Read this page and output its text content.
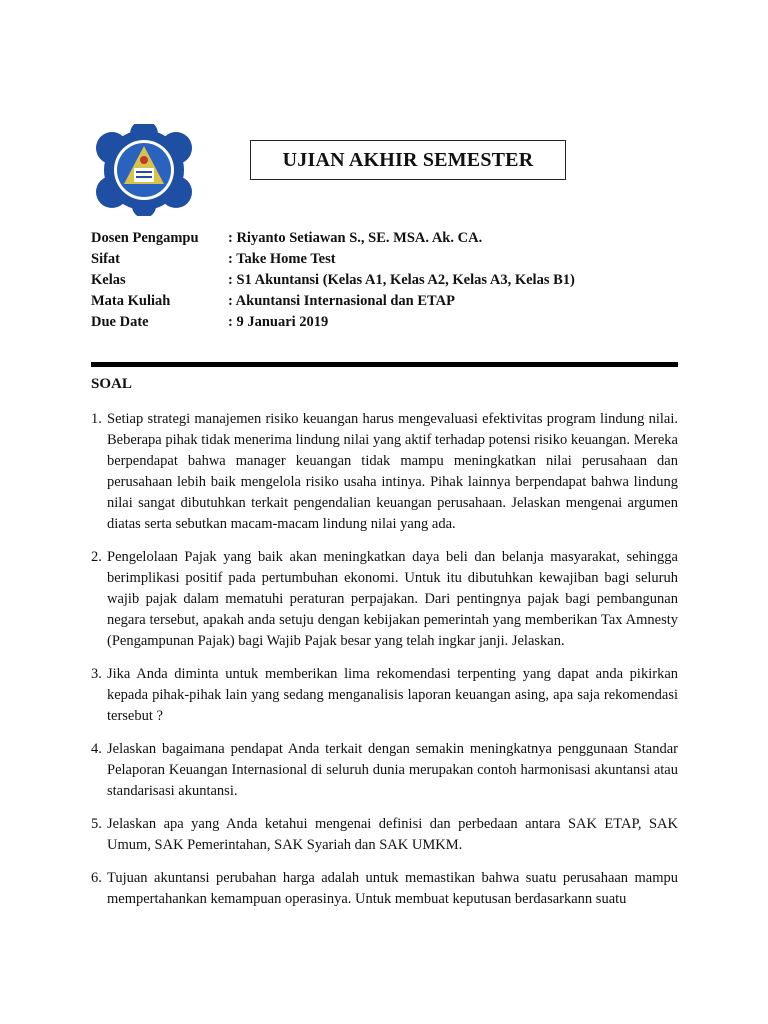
UJIAN AKHIR SEMESTER
Dosen Pengampu	: Riyanto Setiawan S., SE. MSA. Ak. CA.
Sifat	: Take Home Test
Kelas	: S1 Akuntansi (Kelas A1, Kelas A2, Kelas A3, Kelas B1)
Mata Kuliah	: Akuntansi Internasional dan ETAP
Due Date	: 9 Januari 2019
SOAL
1. Setiap strategi manajemen risiko keuangan harus mengevaluasi efektivitas program lindung nilai. Beberapa pihak tidak menerima lindung nilai yang aktif terhadap potensi risiko keuangan. Mereka berpendapat bahwa manager keuangan tidak mampu meningkatkan nilai perusahaan dan perusahaan lebih baik mengelola risiko usaha intinya. Pihak lainnya berpendapat bahwa lindung nilai sangat dibutuhkan terkait pengendalian keuangan perusahaan. Jelaskan mengenai argumen diatas serta sebutkan macam-macam lindung nilai yang ada.
2. Pengelolaan Pajak yang baik akan meningkatkan daya beli dan belanja masyarakat, sehingga berimplikasi positif pada pertumbuhan ekonomi. Untuk itu dibutuhkan kewajiban bagi seluruh wajib pajak dalam mematuhi peraturan perpajakan. Dari pentingnya pajak bagi pembangunan negara tersebut, apakah anda setuju dengan kebijakan pemerintah yang memberikan Tax Amnesty (Pengampunan Pajak) bagi Wajib Pajak besar yang telah ingkar janji. Jelaskan.
3. Jika Anda diminta untuk memberikan lima rekomendasi terpenting yang dapat anda pikirkan kepada pihak-pihak lain yang sedang menganalisis laporan keuangan asing, apa saja rekomendasi tersebut ?
4. Jelaskan bagaimana pendapat Anda terkait dengan semakin meningkatnya penggunaan Standar Pelaporan Keuangan Internasional di seluruh dunia merupakan contoh harmonisasi akuntansi atau standarisasi akuntansi.
5. Jelaskan apa yang Anda ketahui mengenai definisi dan perbedaan antara SAK ETAP, SAK Umum, SAK Pemerintahan, SAK Syariah dan SAK UMKM.
6. Tujuan akuntansi perubahan harga adalah untuk memastikan bahwa suatu perusahaan mampu mempertahankan kemampuan operasinya. Untuk membuat keputusan berdasarkann suatu
